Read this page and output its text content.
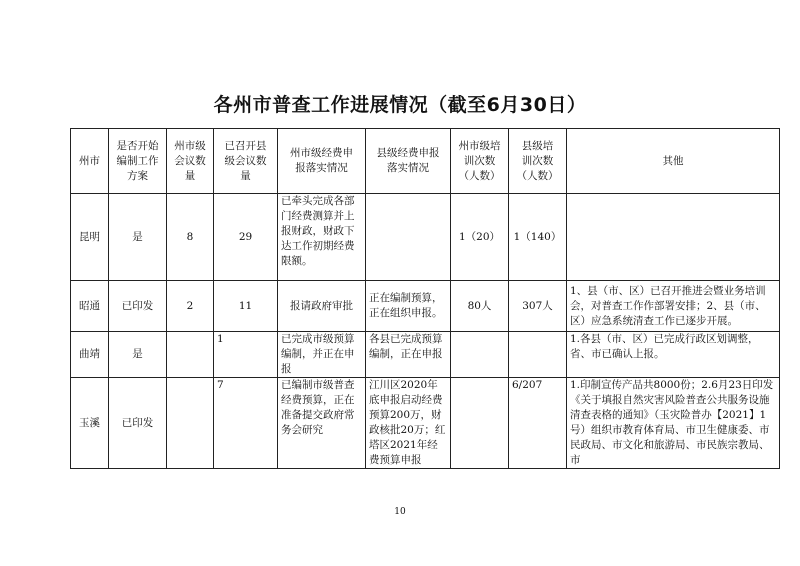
各州市普查工作进展情况（截至6月30日）
州市	是否开始
编制工作
方案	州市级
会议数
量	已召开县
级会议数
量	州市级经费申
报落实情况	县级经费申报
落实情况	州市级培
训次数
（人数）	县级培
训次数
（人数）	其他

昆明	是	8	29	已牵头完成各部门经费测算并上报财政，财政下达工作初期经费限额。		1（20）	1（140）	
昭通	已印发	2	11	报请政府审批	正在编制预算，正在组织申报。	80人	307人	1、县（市、区）已召开推进会暨业务培训会，对普查工作作部署安排；2、县（市、区）应急系统清查工作已逐步开展。
曲靖	是		1	已完成市级预算编制，并正在申报	各县已完成预算编制，正在申报			1.各县（市、区）已完成行政区划调整，省、市已确认上报。
玉溪	已印发		7	已编制市级普查经费预算，正在准备提交政府常务会研究	江川区2020年底申报启动经费预算200万，财政核批20万；红塔区2021年经费预算申报		6/207	1.印制宣传产品共8000份；2.6月23日印发《关于填报自然灾害风险普查公共服务设施清查表格的通知》（玉灾险普办【2021】1号）组织市教育体育局、市卫生健康委、市民政局、市文化和旅游局、市民族宗教局、市
10
